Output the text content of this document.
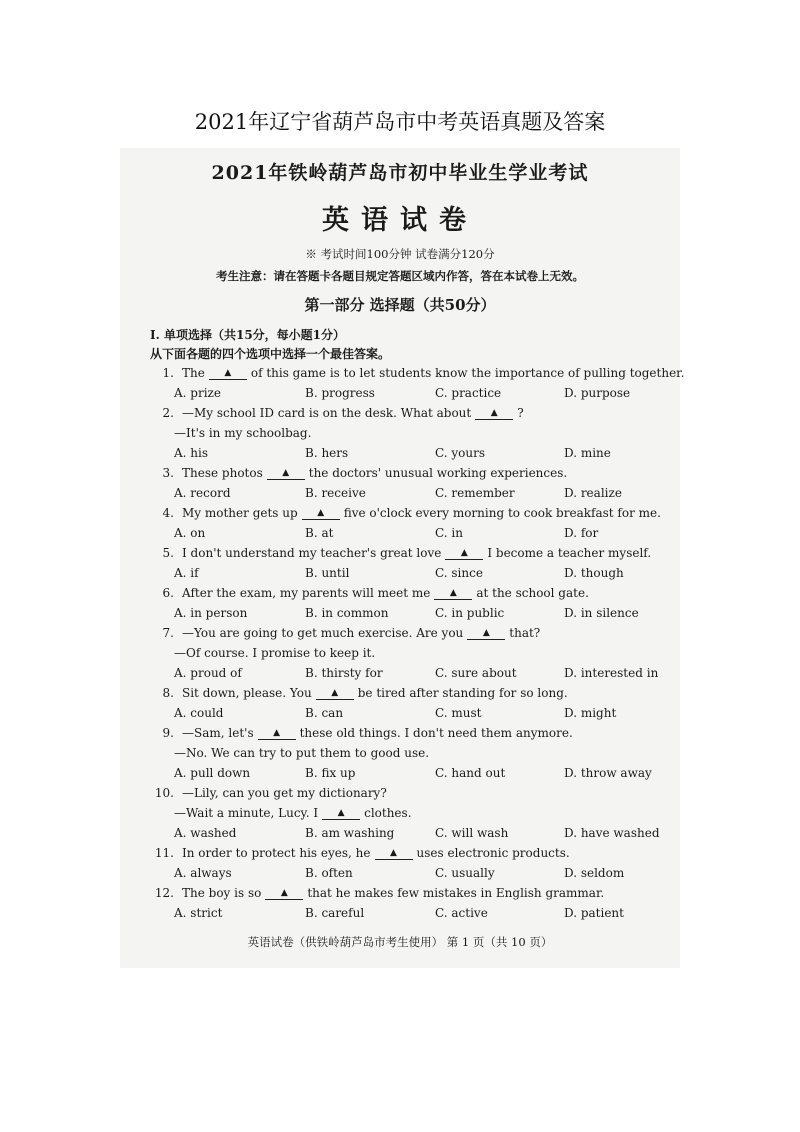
2021年辽宁省葫芦岛市中考英语真题及答案
2021年铁岭葫芦岛市初中毕业生学业考试
英语试卷
※ 考试时间100分钟 试卷满分120分
考生注意：请在答题卡各题目规定答题区域内作答，答在本试卷上无效。
第一部分 选择题（共50分）
Ⅰ. 单项选择（共15分，每小题1分）
从下面各题的四个选项中选择一个最佳答案。
1. The ▲ of this game is to let students know the importance of pulling together.
A. prize	B. progress	C. practice	D. purpose
2. —My school ID card is on the desk. What about ▲ ?
—It's in my schoolbag.
A. his	B. hers	C. yours	D. mine
3. These photos ▲ the doctors' unusual working experiences.
A. record	B. receive	C. remember	D. realize
4. My mother gets up ▲ five o'clock every morning to cook breakfast for me.
A. on	B. at	C. in	D. for
5. I don't understand my teacher's great love ▲ I become a teacher myself.
A. if	B. until	C. since	D. though
6. After the exam, my parents will meet me ▲ at the school gate.
A. in person	B. in common	C. in public	D. in silence
7. —You are going to get much exercise. Are you ▲ that?
—Of course. I promise to keep it.
A. proud of	B. thirsty for	C. sure about	D. interested in
8. Sit down, please. You ▲ be tired after standing for so long.
A. could	B. can	C. must	D. might
9. —Sam, let's ▲ these old things. I don't need them anymore.
—No. We can try to put them to good use.
A. pull down	B. fix up	C. hand out	D. throw away
10. —Lily, can you get my dictionary?
—Wait a minute, Lucy. I ▲ clothes.
A. washed	B. am washing	C. will wash	D. have washed
11. In order to protect his eyes, he ▲ uses electronic products.
A. always	B. often	C. usually	D. seldom
12. The boy is so ▲ that he makes few mistakes in English grammar.
A. strict	B. careful	C. active	D. patient
英语试卷（供铁岭葫芦岛市考生使用） 第 1 页（共 10 页）
